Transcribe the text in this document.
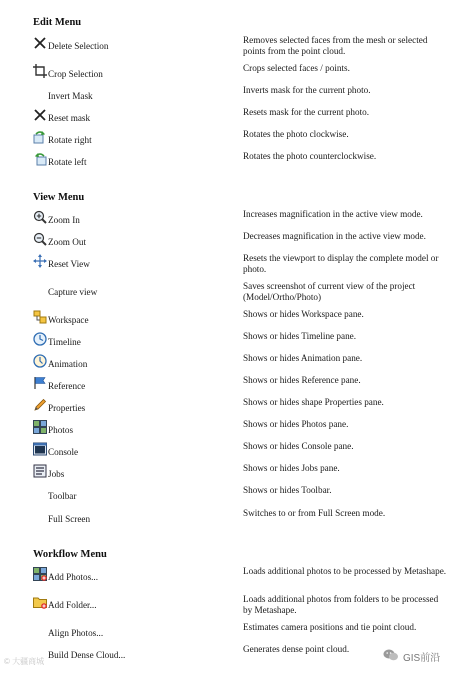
Edit Menu
View Menu
Workflow Menu
Delete Selection
Removes selected faces from the mesh or selected points from the point cloud.
Crop Selection
Crops selected faces / points.
Invert Mask
Inverts mask for the current photo.
Reset mask
Resets mask for the current photo.
Rotate right
Rotates the photo clockwise.
Rotate left
Rotates the photo counterclockwise.
Zoom In
Increases magnification in the active view mode.
Zoom Out
Decreases magnification in the active view mode.
Reset View
Resets the viewport to display the complete model or photo.
Capture view
Saves screenshot of current view of the project (Model/Ortho/Photo)
Workspace
Shows or hides Workspace pane.
Timeline
Shows or hides Timeline pane.
Animation
Shows or hides Animation pane.
Reference
Shows or hides Reference pane.
Properties
Shows or hides shape Properties pane.
Photos
Shows or hides Photos pane.
Console
Shows or hides Console pane.
Jobs
Shows or hides Jobs pane.
Toolbar
Shows or hides Toolbar.
Full Screen
Switches to or from Full Screen mode.
Add Photos...
Loads additional photos to be processed by Metashape.
Add Folder...
Loads additional photos from folders to be processed by Metashape.
Align Photos...
Estimates camera positions and tie point cloud.
Build Dense Cloud...
Generates dense point cloud.
© 大疆商城	GIS前沿
